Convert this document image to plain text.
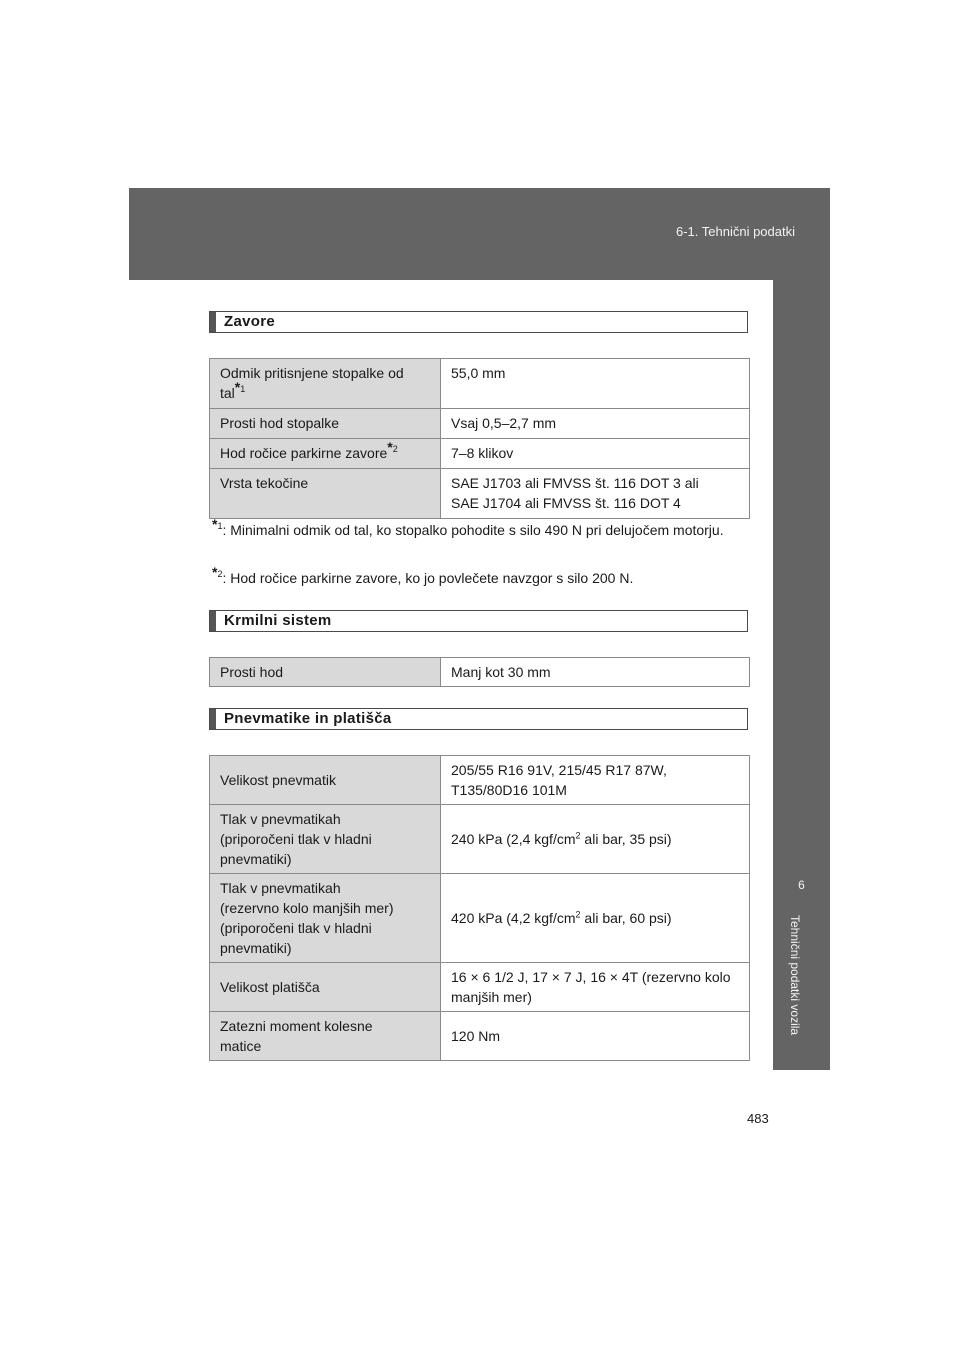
6-1. Tehnični podatki
6
Tehnični podatki vozila
Zavore
Odmik pritisnjene stopalke od tal$^{*1}$	55,0 mm
Prosti hod stopalke	Vsaj 0,5–2,7 mm
Hod ročice parkirne zavore$^{*2}$	7–8 klikov
Vrsta tekočine	SAE J1703 ali FMVSS št. 116 DOT 3 ali
SAE J1704 ali FMVSS št. 116 DOT 4
$^{*1}$: Minimalni odmik od tal, ko stopalko pohodite s silo 490 N pri delujočem motorju.
$^{*2}$: Hod ročice parkirne zavore, ko jo povlečete navzgor s silo 200 N.
Krmilni sistem
Prosti hod	Manj kot 30 mm
Pnevmatike in platišča
Velikost pnevmatik	205/55 R16 91V, 215/45 R17 87W,
T135/80D16 101M

Tlak v pnevmatikah
(priporočeni tlak v hladni
pnevmatiki)	240 kPa (2,4 kgf/$cm^2$ ali bar, 35 psi)

Tlak v pnevmatikah
(rezervno kolo manjših mer)
(priporočeni tlak v hladni
pnevmatiki)	420 kPa (4,2 kgf/$cm^2$ ali bar, 60 psi)
Velikost platišča	16 × 6 1/2 J, 17 × 7 J, 16 × 4T (rezervno kolo
manjših mer)

Zatezni moment kolesne
matice	120 Nm
483
